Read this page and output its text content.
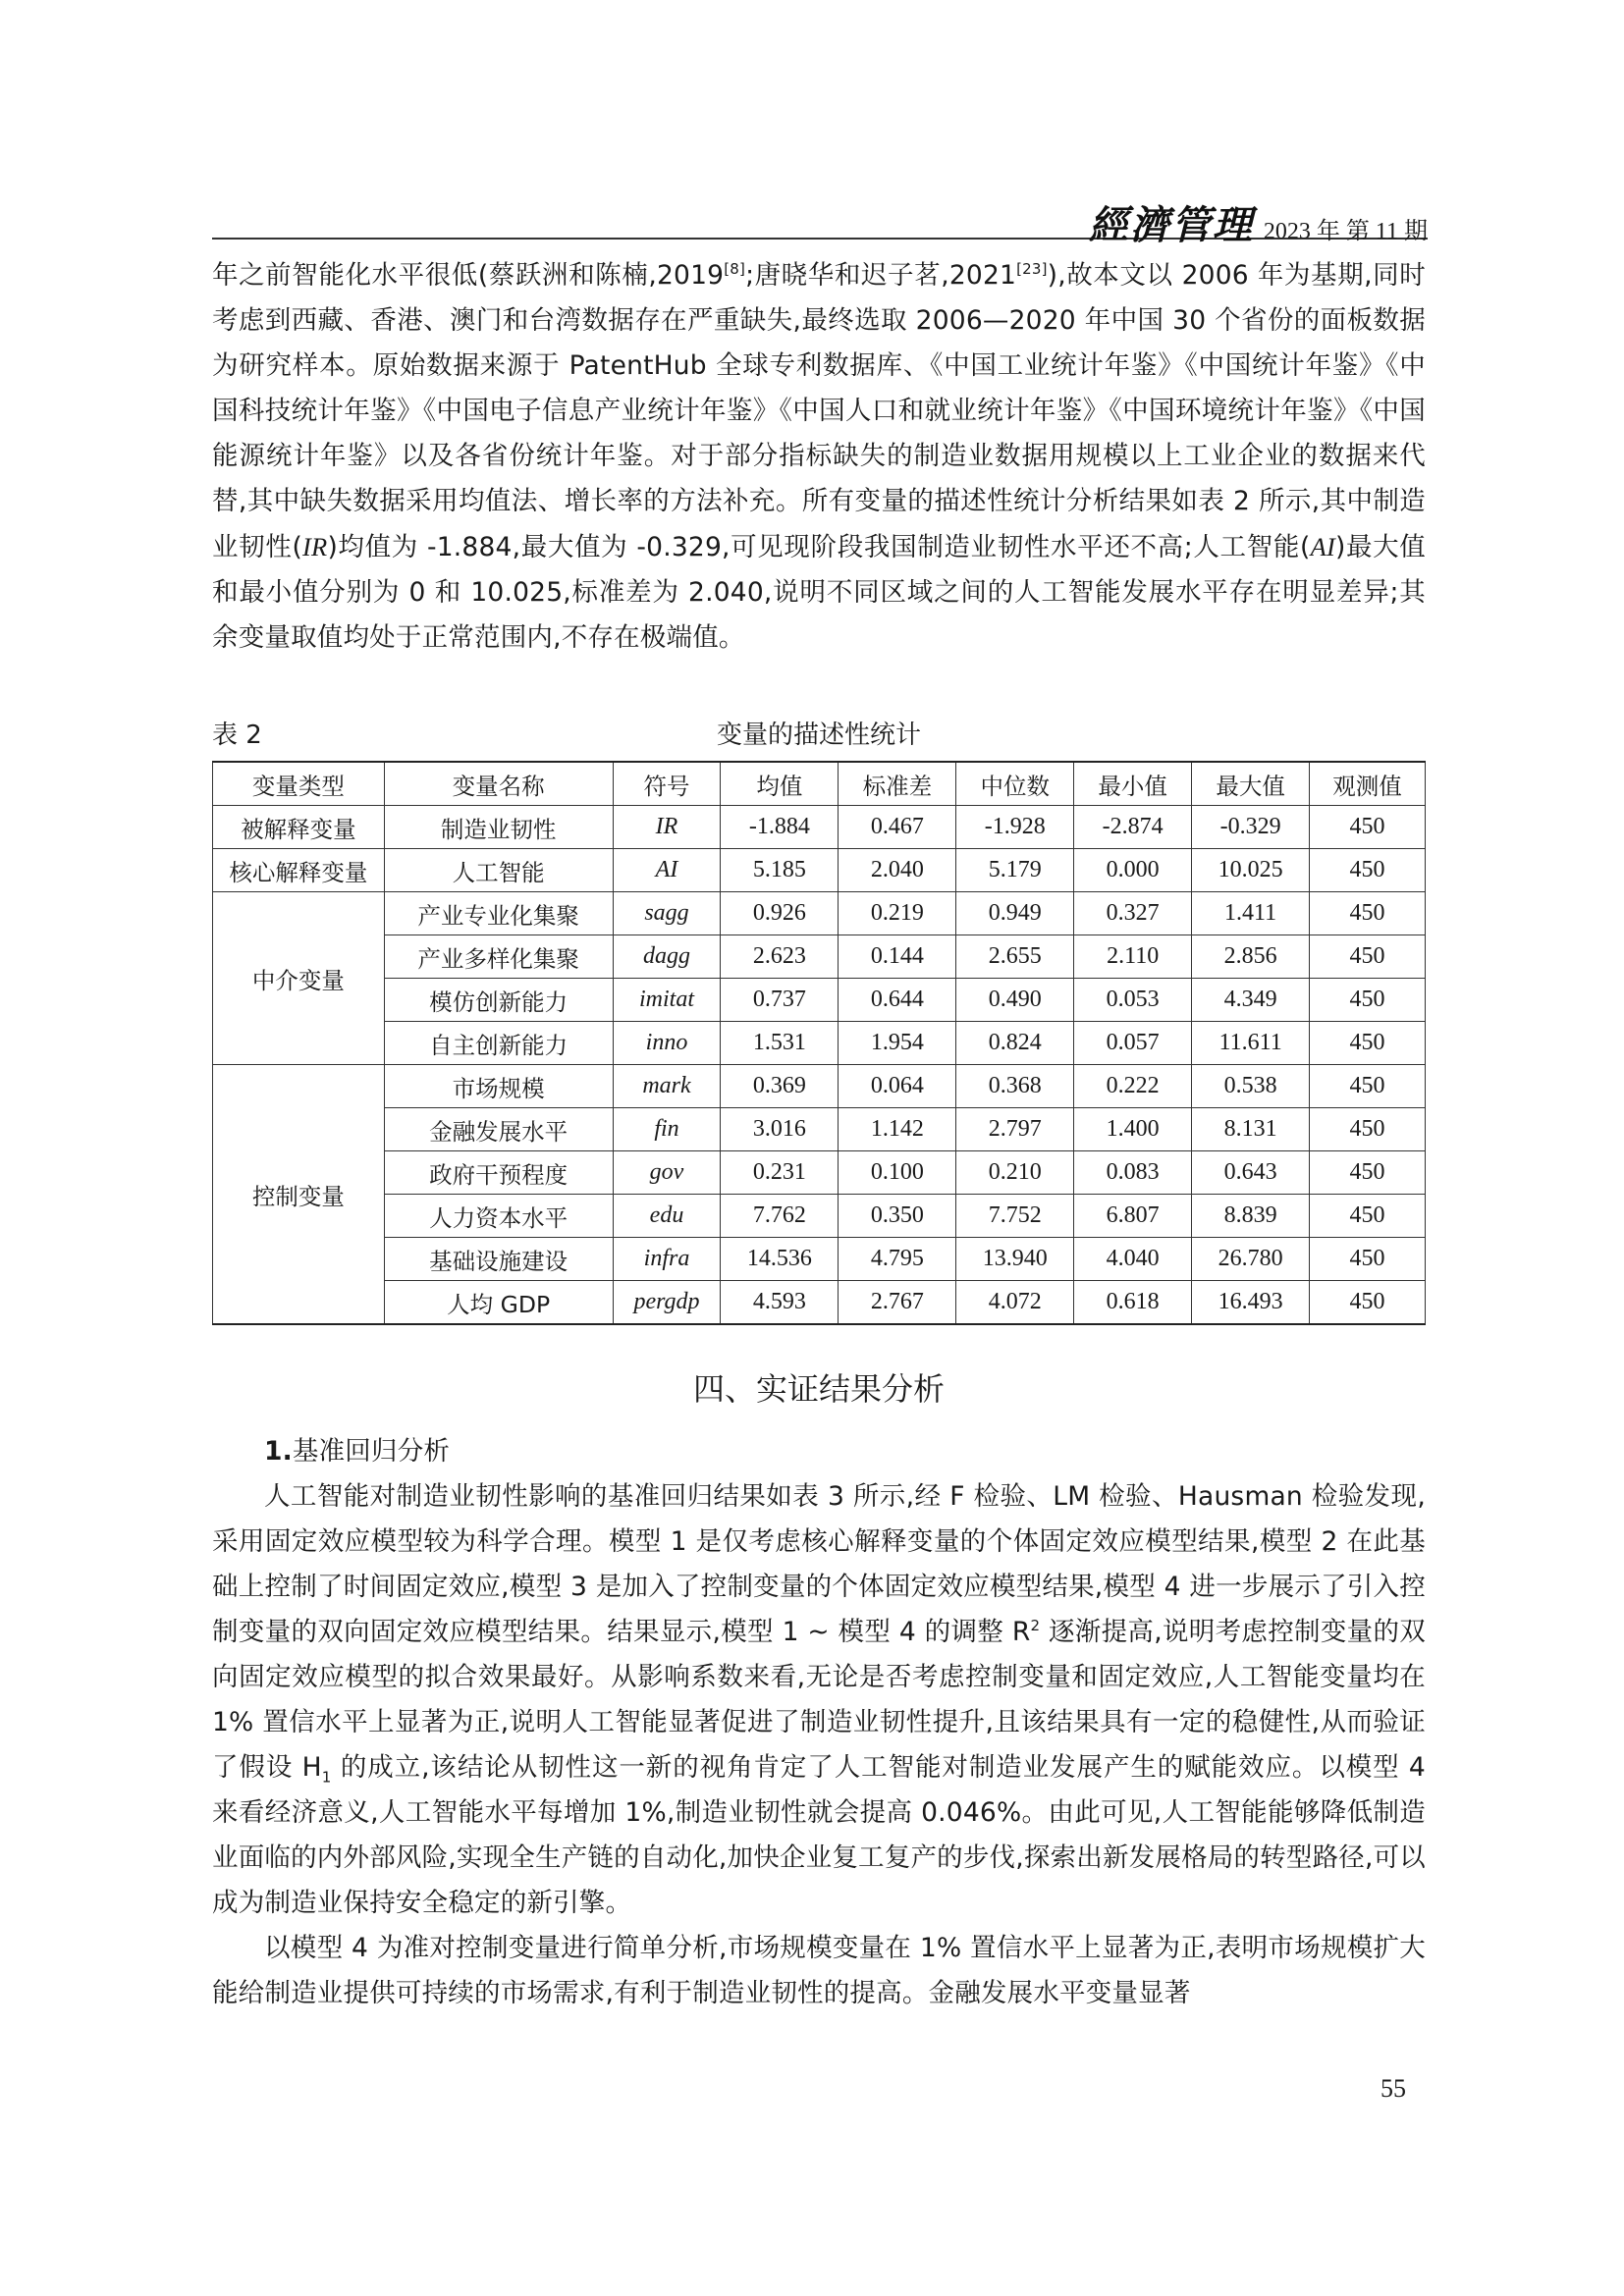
經濟管理 2023 年 第 11 期

年之前智能化水平很低(蔡跃洲和陈楠,2019[8];唐晓华和迟子茗,2021[23]),故本文以 2006 年为基期,同时考虑到西藏、香港、澳门和台湾数据存在严重缺失,最终选取 2006—2020 年中国 30 个省份的面板数据为研究样本。原始数据来源于 PatentHub 全球专利数据库、《中国工业统计年鉴》《中国统计年鉴》《中国科技统计年鉴》《中国电子信息产业统计年鉴》《中国人口和就业统计年鉴》《中国环境统计年鉴》《中国能源统计年鉴》以及各省份统计年鉴。对于部分指标缺失的制造业数据用规模以上工业企业的数据来代替,其中缺失数据采用均值法、增长率的方法补充。所有变量的描述性统计分析结果如表 2 所示,其中制造业韧性(IR)均值为 -1.884,最大值为 -0.329,可见现阶段我国制造业韧性水平还不高;人工智能(AI)最大值和最小值分别为 0 和 10.025,标准差为 2.040,说明不同区域之间的人工智能发展水平存在明显差异;其余变量取值均处于正常范围内,不存在极端值。

表 2	变量的描述性统计
变量类型	变量名称	符号	均值	标准差	中位数	最小值	最大值	观测值
被解释变量	制造业韧性	IR	-1.884	0.467	-1.928	-2.874	-0.329	450
核心解释变量	人工智能	AI	5.185	2.040	5.179	0.000	10.025	450
中介变量	产业专业化集聚	sagg	0.926	0.219	0.949	0.327	1.411	450
	产业多样化集聚	dagg	2.623	0.144	2.655	2.110	2.856	450
	模仿创新能力	imitat	0.737	0.644	0.490	0.053	4.349	450
	自主创新能力	inno	1.531	1.954	0.824	0.057	11.611	450
控制变量	市场规模	mark	0.369	0.064	0.368	0.222	0.538	450
	金融发展水平	fin	3.016	1.142	2.797	1.400	8.131	450
	政府干预程度	gov	0.231	0.100	0.210	0.083	0.643	450
	人力资本水平	edu	7.762	0.350	7.752	6.807	8.839	450
	基础设施建设	infra	14.536	4.795	13.940	4.040	26.780	450
	人均 GDP	pergdp	4.593	2.767	4.072	0.618	16.493	450
四、实证结果分析

1.基准回归分析

人工智能对制造业韧性影响的基准回归结果如表 3 所示,经 F 检验、LM 检验、Hausman 检验发现,采用固定效应模型较为科学合理。模型 1 是仅考虑核心解释变量的个体固定效应模型结果,模型 2 在此基础上控制了时间固定效应,模型 3 是加入了控制变量的个体固定效应模型结果,模型 4 进一步展示了引入控制变量的双向固定效应模型结果。结果显示,模型 1 ~ 模型 4 的调整 $R^2$ 逐渐提高,说明考虑控制变量的双向固定效应模型的拟合效果最好。从影响系数来看,无论是否考虑控制变量和固定效应,人工智能变量均在 1% 置信水平上显著为正,说明人工智能显著促进了制造业韧性提升,且该结果具有一定的稳健性,从而验证了假设 $H_1$ 的成立,该结论从韧性这一新的视角肯定了人工智能对制造业发展产生的赋能效应。以模型 4 来看经济意义,人工智能水平每增加 1%,制造业韧性就会提高 0.046%。由此可见,人工智能能够降低制造业面临的内外部风险,实现全生产链的自动化,加快企业复工复产的步伐,探索出新发展格局的转型路径,可以成为制造业保持安全稳定的新引擎。

以模型 4 为准对控制变量进行简单分析,市场规模变量在 1% 置信水平上显著为正,表明市场规模扩大能给制造业提供可持续的市场需求,有利于制造业韧性的提高。金融发展水平变量显著

55
